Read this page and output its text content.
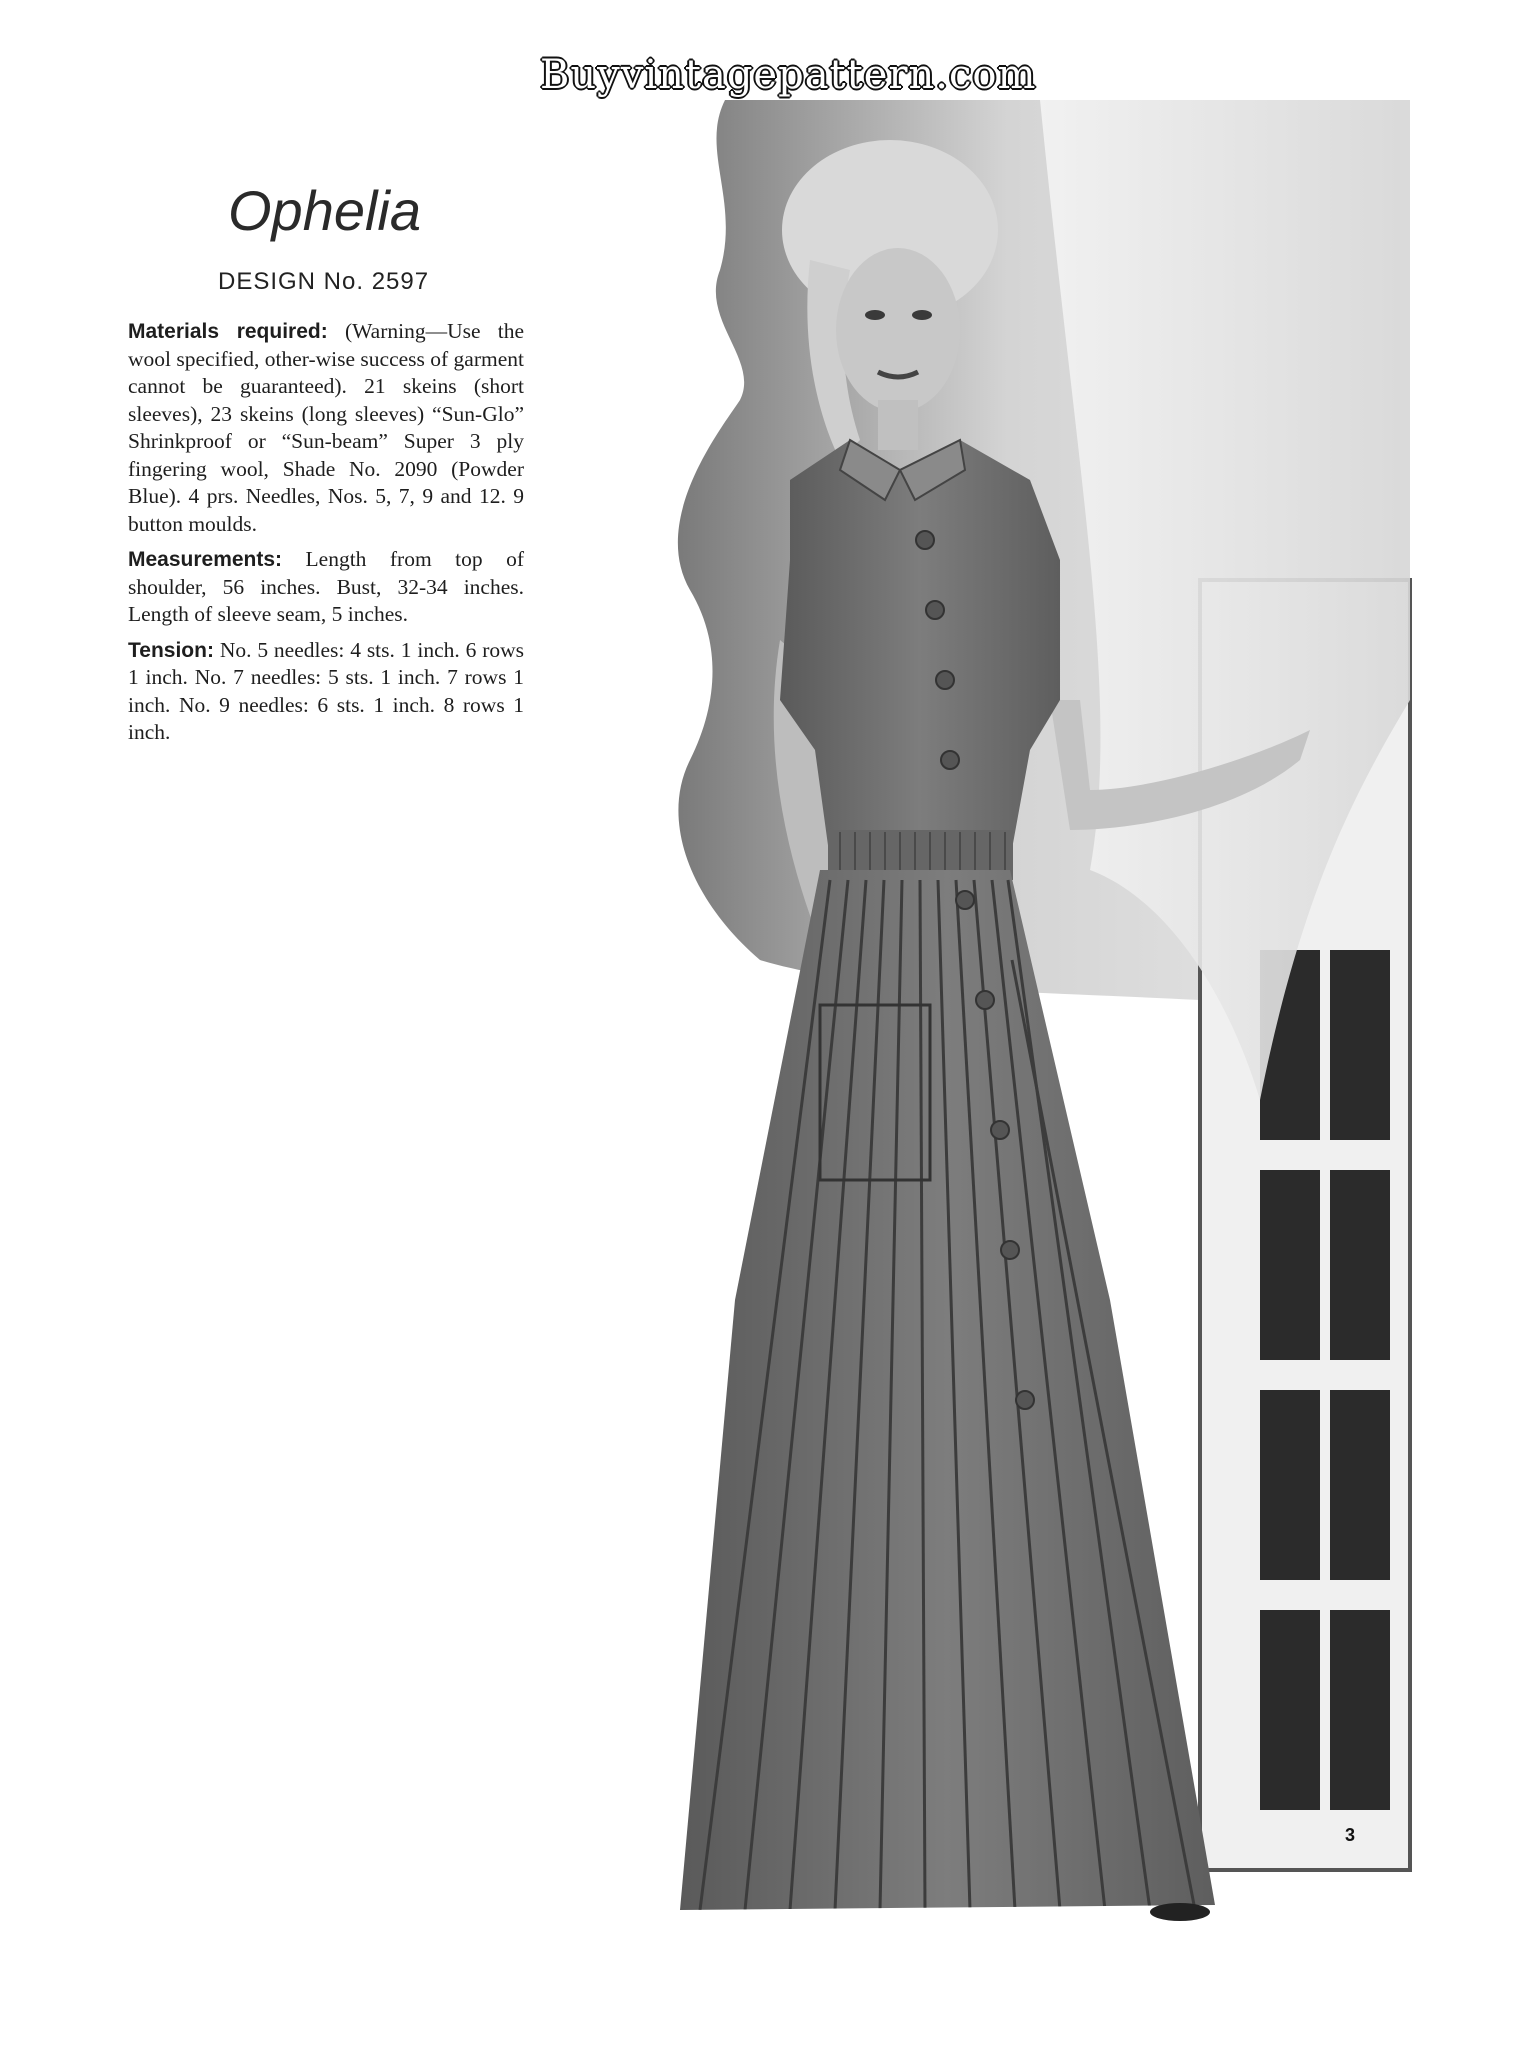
Buyvintagepattern.com
Ophelia
DESIGN No. 2597

Materials required: (Warning—Use the wool specified, other-wise success of garment cannot be guaranteed). 21 skeins (short sleeves), 23 skeins (long sleeves) “Sun-Glo” Shrinkproof or “Sun-beam” Super 3 ply fingering wool, Shade No. 2090 (Powder Blue). 4 prs. Needles, Nos. 5, 7, 9 and 12. 9 button moulds.

Measurements: Length from top of shoulder, 56 inches. Bust, 32-34 inches. Length of sleeve seam, 5 inches.

Tension: No. 5 needles: 4 sts. 1 inch. 6 rows 1 inch. No. 7 needles: 5 sts. 1 inch. 7 rows 1 inch. No. 9 needles: 6 sts. 1 inch. 8 rows 1 inch.

3
